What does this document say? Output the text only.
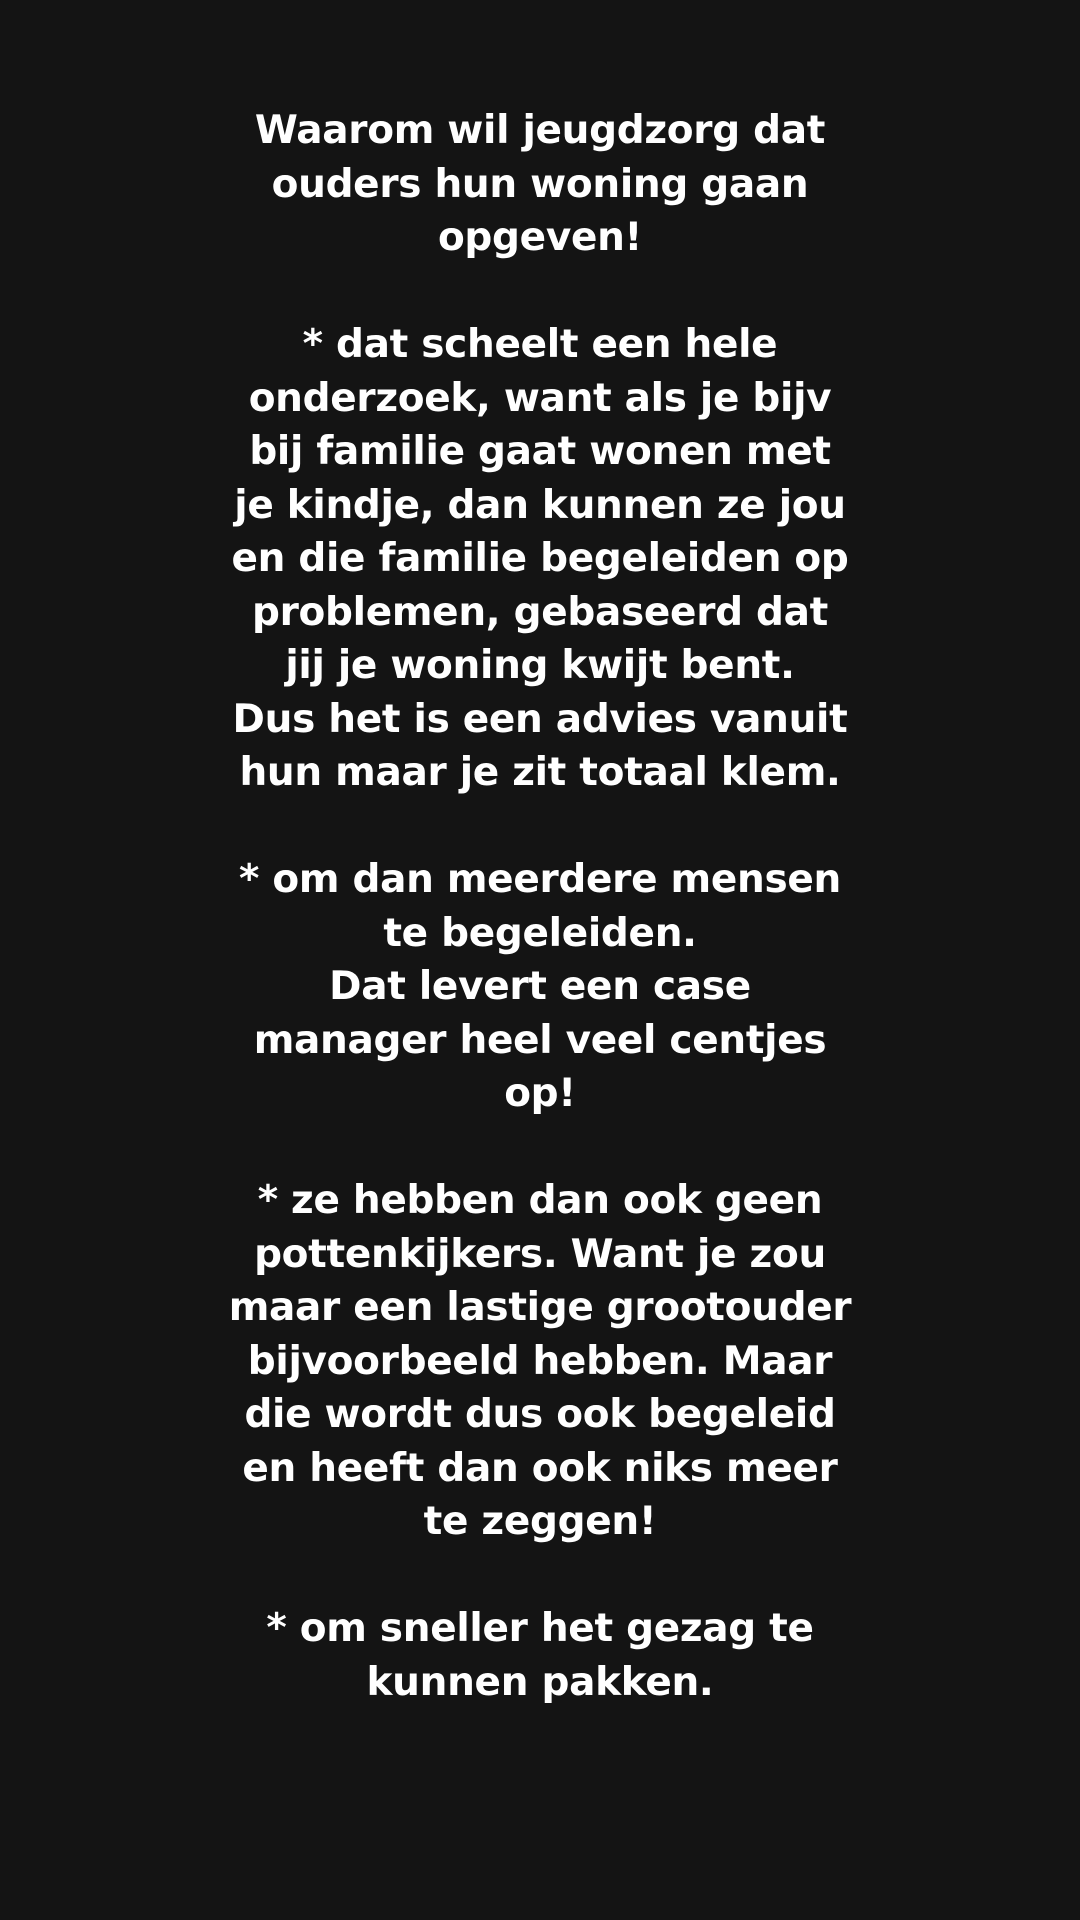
Waarom wil jeugdzorg dat
ouders hun woning gaan
opgeven!
* dat scheelt een hele
onderzoek, want als je bijv
bij familie gaat wonen met
je kindje, dan kunnen ze jou
en die familie begeleiden op
problemen, gebaseerd dat
jij je woning kwijt bent.
Dus het is een advies vanuit
hun maar je zit totaal klem.
* om dan meerdere mensen
te begeleiden.
Dat levert een case
manager heel veel centjes
op!
* ze hebben dan ook geen
pottenkijkers. Want je zou
maar een lastige grootouder
bijvoorbeeld hebben. Maar
die wordt dus ook begeleid
en heeft dan ook niks meer
te zeggen!
* om sneller het gezag te
kunnen pakken.
